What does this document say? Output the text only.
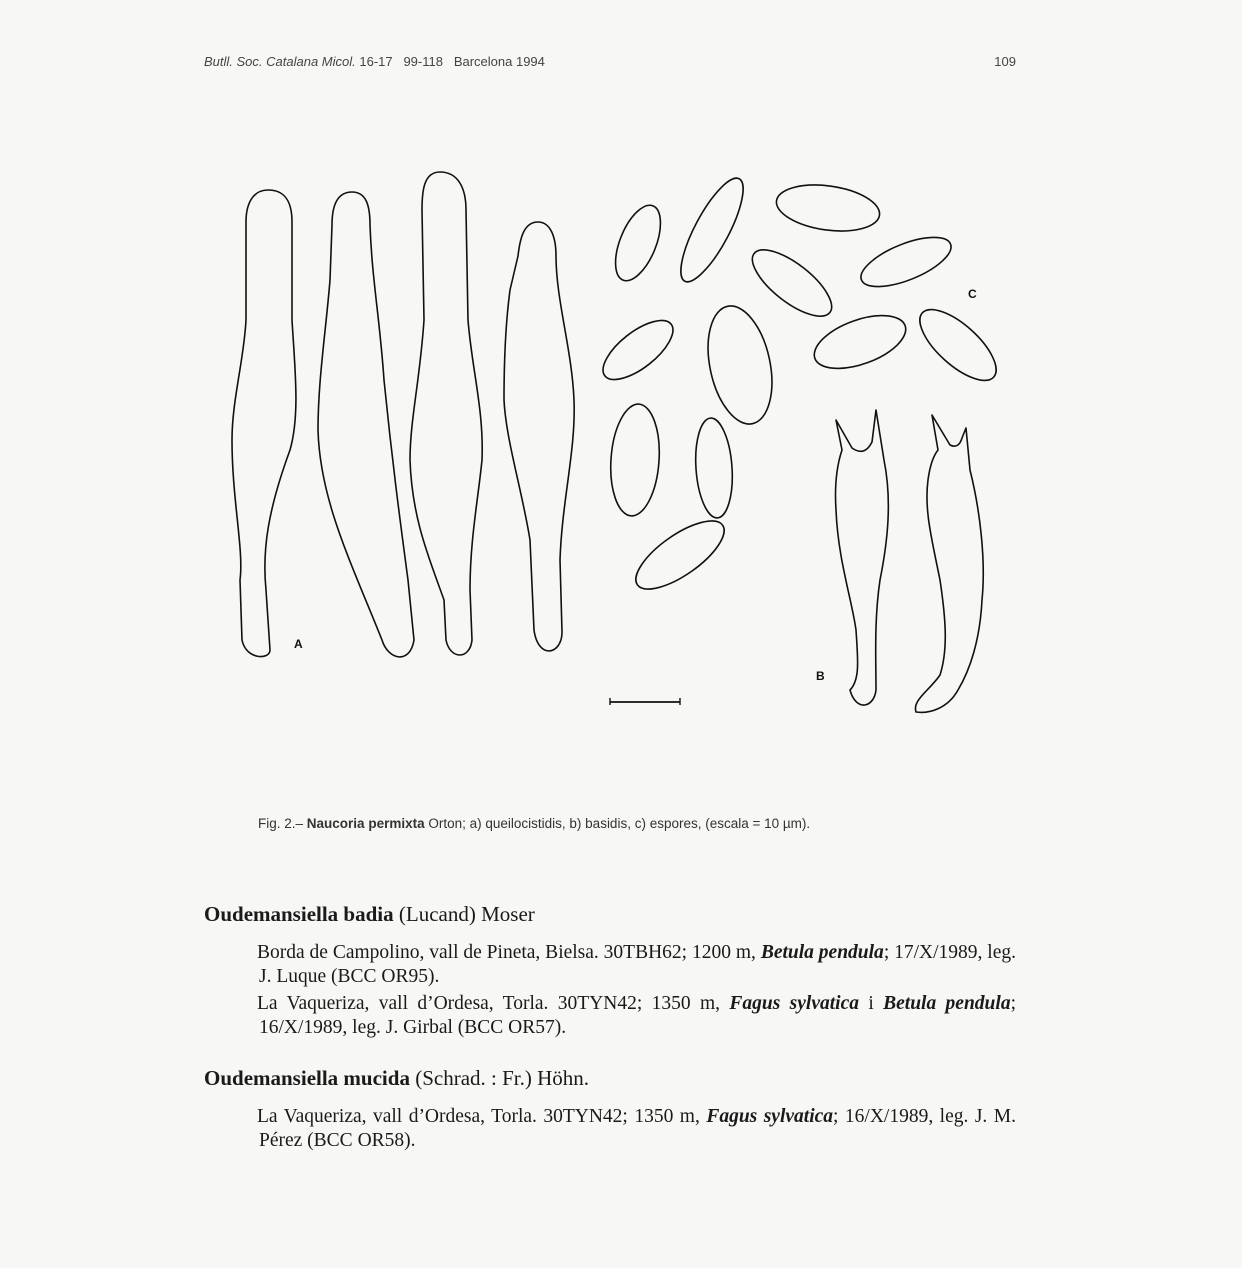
Butll. Soc. Catalana Micol. 16-17 99-118 Barcelona 1994	109
A
C
B
Fig. 2.– Naucoria permixta Orton; a) queilocistidis, b) basidis, c) espores, (escala = 10 µm).
Oudemansiella badia (Lucand) Moser
Borda de Campolino, vall de Pineta, Bielsa. 30TBH62; 1200 m, Betula pendula; 17/X/1989, leg. J. Luque (BCC OR95).
La Vaqueriza, vall d’Ordesa, Torla. 30TYN42; 1350 m, Fagus sylvatica i Betula pendula; 16/X/1989, leg. J. Girbal (BCC OR57).
Oudemansiella mucida (Schrad. : Fr.) Höhn.
La Vaqueriza, vall d’Ordesa, Torla. 30TYN42; 1350 m, Fagus sylvatica; 16/X/1989, leg. J. M. Pérez (BCC OR58).
